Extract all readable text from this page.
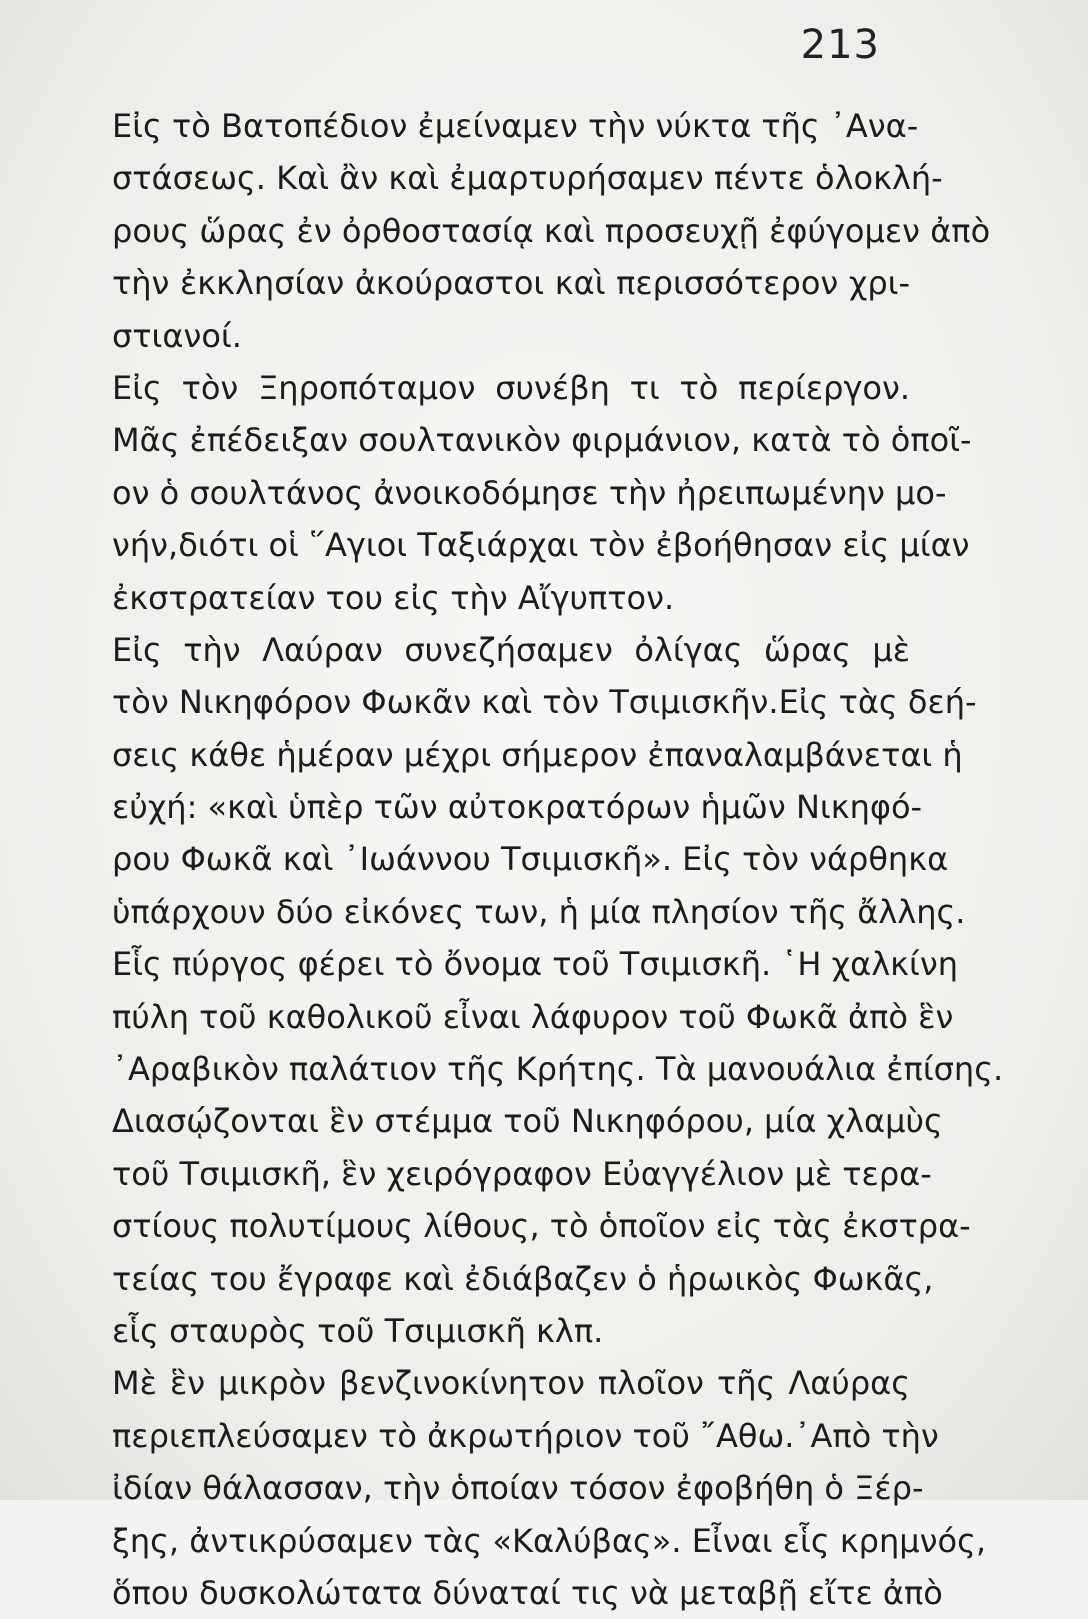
213
Εἰς τὸ Βατοπέδιον ἐμείναμεν τὴν νύκτα τῆς ᾿Ανα-
στάσεως. Καὶ ἂν καὶ ἐμαρτυρήσαμεν πέντε ὁλοκλή-
ρους ὥρας ἐν ὀρθοστασίᾳ καὶ προσευχῇ ἐφύγομεν ἀπὸ
τὴν ἐκκλησίαν ἀκούραστοι καὶ περισσότερον χρι-
στιανοί.
Εἰς τὸν Ξηροπόταμον συνέβη τι τὸ περίεργον.
Μᾶς ἐπέδειξαν σουλτανικὸν φιρμάνιον, κατὰ τὸ ὁποῖ-
ον ὁ σουλτάνος ἀνοικοδόμησε τὴν ἠρειπωμένην μο-
νήν,διότι οἱ ῞Αγιοι Ταξιάρχαι τὸν ἐβοήθησαν εἰς μίαν
ἐκστρατείαν του εἰς τὴν Αἴγυπτον.
Εἰς τὴν Λαύραν συνεζήσαμεν ὀλίγας ὥρας μὲ
τὸν Νικηφόρον Φωκᾶν καὶ τὸν Τσιμισκῆν.Εἰς τὰς δεή-
σεις κάθε ἡμέραν μέχρι σήμερον ἐπαναλαμβάνεται ἡ
εὐχή: «καὶ ὑπὲρ τῶν αὐτοκρατόρων ἡμῶν Νικηφό-
ρου Φωκᾶ καὶ ᾿Ιωάννου Τσιμισκῆ». Εἰς τὸν νάρθηκα
ὑπάρχουν δύο εἰκόνες των, ἡ μία πλησίον τῆς ἄλλης.
Εἷς πύργος φέρει τὸ ὄνομα τοῦ Τσιμισκῆ. ῾Η χαλκίνη
πύλη τοῦ καθολικοῦ εἶναι λάφυρον τοῦ Φωκᾶ ἀπὸ ἓν
᾿Αραβικὸν παλάτιον τῆς Κρήτης. Τὰ μανουάλια ἐπίσης.
Διασῴζονται ἓν στέμμα τοῦ Νικηφόρου, μία χλαμὺς
τοῦ Τσιμισκῆ, ἓν χειρόγραφον Εὐαγγέλιον μὲ τερα-
στίους πολυτίμους λίθους, τὸ ὁποῖον εἰς τὰς ἐκστρα-
τείας του ἔγραφε καὶ ἐδιάβαζεν ὁ ἡρωικὸς Φωκᾶς,
εἷς σταυρὸς τοῦ Τσιμισκῆ κλπ.
Μὲ ἓν μικρὸν βενζινοκίνητον πλοῖον τῆς Λαύρας
περιεπλεύσαμεν τὸ ἀκρωτήριον τοῦ ῎Αθω.᾿Απὸ τὴν
ἰδίαν θάλασσαν, τὴν ὁποίαν τόσον ἐφοβήθη ὁ Ξέρ-
ξης, ἀντικρύσαμεν τὰς «Καλύβας». Εἶναι εἷς κρημνός,
ὅπου δυσκολώτατα δύναταί τις νὰ μεταβῇ εἴτε ἀπὸ
